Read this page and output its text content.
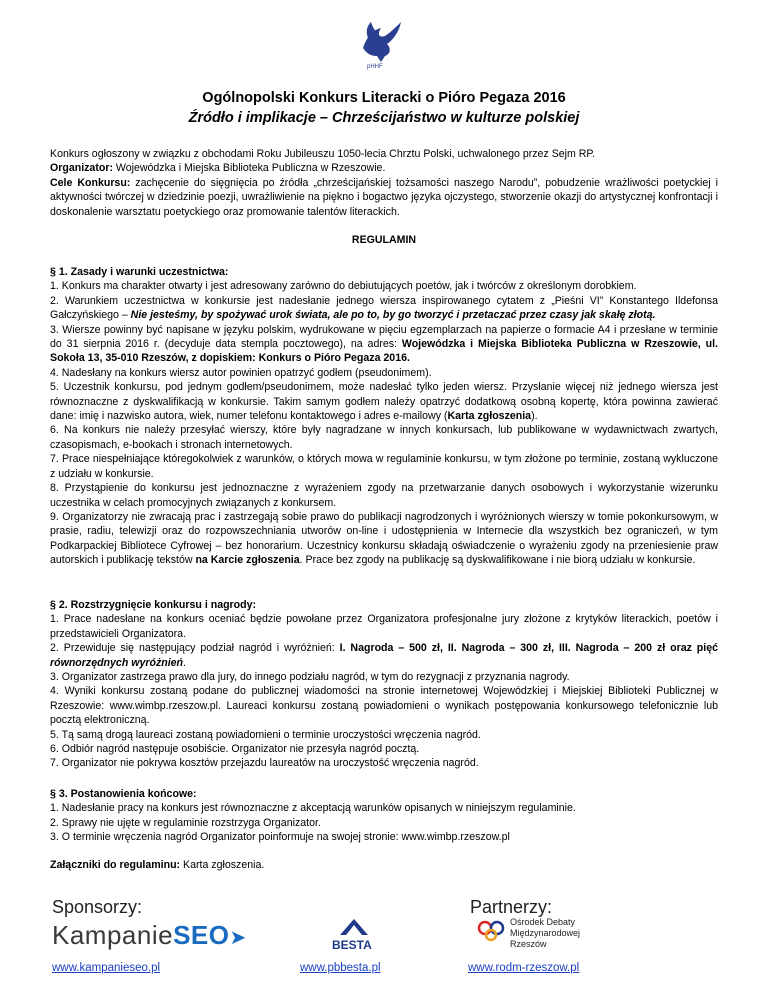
pHHF
Ogólnopolski Konkurs Literacki o Pióro Pegaza 2016
Źródło i implikacje – Chrześcijaństwo w kulturze polskiej

Konkurs ogłoszony w związku z obchodami Roku Jubileuszu 1050-lecia Chrztu Polski, uchwalonego przez Sejm RP.

Organizator: Wojewódzka i Miejska Biblioteka Publiczna w Rzeszowie.

Cele Konkursu: zachęcenie do sięgnięcia po źródła „chrześcijańskiej tożsamości naszego Narodu”, pobudzenie wrażliwości poetyckiej i aktywności twórczej w dziedzinie poezji, uwrażliwienie na piękno i bogactwo języka ojczystego, stworzenie okazji do artystycznej konfrontacji i doskonalenie warsztatu poetyckiego oraz promowanie talentów literackich.

REGULAMIN

§ 1. Zasady i warunki uczestnictwa:

1. Konkurs ma charakter otwarty i jest adresowany zarówno do debiutujących poetów, jak i twórców z określonym dorobkiem.

2. Warunkiem uczestnictwa w konkursie jest nadesłanie jednego wiersza inspirowanego cytatem z „Pieśni VI” Konstantego Ildefonsa Gałczyńskiego – Nie jesteśmy, by spożywać urok świata, ale po to, by go tworzyć i przetaczać przez czasy jak skałę złotą.

3. Wiersze powinny być napisane w języku polskim, wydrukowane w pięciu egzemplarzach na papierze o formacie A4 i przesłane w terminie do 31 sierpnia 2016 r. (decyduje data stempla pocztowego), na adres: Wojewódzka i Miejska Biblioteka Publiczna w Rzeszowie, ul. Sokoła 13, 35-010 Rzeszów, z dopiskiem: Konkurs o Pióro Pegaza 2016.

4. Nadesłany na konkurs wiersz autor powinien opatrzyć godłem (pseudonimem).

5. Uczestnik konkursu, pod jednym godłem/pseudonimem, może nadesłać tylko jeden wiersz. Przysłanie więcej niż jednego wiersza jest równoznaczne z dyskwalifikacją w konkursie. Takim samym godłem należy opatrzyć dodatkową osobną kopertę, która powinna zawierać dane: imię i nazwisko autora, wiek, numer telefonu kontaktowego i adres e-mailowy (Karta zgłoszenia).

6. Na konkurs nie należy przesyłać wierszy, które były nagradzane w innych konkursach, lub publikowane w wydawnictwach zwartych, czasopismach, e-bookach i stronach internetowych.

7. Prace niespełniające któregokolwiek z warunków, o których mowa w regulaminie konkursu, w tym złożone po terminie, zostaną wykluczone z udziału w konkursie.

8. Przystąpienie do konkursu jest jednoznaczne z wyrażeniem zgody na przetwarzanie danych osobowych i wykorzystanie wizerunku uczestnika w celach promocyjnych związanych z konkursem.

9. Organizatorzy nie zwracają prac i zastrzegają sobie prawo do publikacji nagrodzonych i wyróżnionych wierszy w tomie pokonkursowym, w prasie, radiu, telewizji oraz do rozpowszechniania utworów on-line i udostępnienia w Internecie dla wszystkich bez ograniczeń, w tym Podkarpackiej Bibliotece Cyfrowej – bez honorarium. Uczestnicy konkursu składają oświadczenie o wyrażeniu zgody na przeniesienie praw autorskich i publikację tekstów na Karcie zgłoszenia. Prace bez zgody na publikację są dyskwalifikowane i nie biorą udziału w konkursie.

§ 2. Rozstrzygnięcie konkursu i nagrody:

1. Prace nadesłane na konkurs oceniać będzie powołane przez Organizatora profesjonalne jury złożone z krytyków literackich, poetów i przedstawicieli Organizatora.

2. Przewiduje się następujący podział nagród i wyróżnień: I. Nagroda – 500 zł, II. Nagroda – 300 zł, III. Nagroda – 200 zł oraz pięć równorzędnych wyróżnień.

3. Organizator zastrzega prawo dla jury, do innego podziału nagród, w tym do rezygnacji z przyznania nagrody.

4. Wyniki konkursu zostaną podane do publicznej wiadomości na stronie internetowej Wojewódzkiej i Miejskiej Biblioteki Publicznej w Rzeszowie: www.wimbp.rzeszow.pl. Laureaci konkursu zostaną powiadomieni o wynikach postępowania konkursowego telefonicznie lub pocztą elektroniczną.

5. Tą samą drogą laureaci zostaną powiadomieni o terminie uroczystości wręczenia nagród.

6. Odbiór nagród następuje osobiście. Organizator nie przesyła nagród pocztą.

7. Organizator nie pokrywa kosztów przejazdu laureatów na uroczystość wręczenia nagród.

§ 3. Postanowienia końcowe:

1. Nadesłanie pracy na konkurs jest równoznaczne z akceptacją warunków opisanych w niniejszym regulaminie.

2. Sprawy nie ujęte w regulaminie rozstrzyga Organizator.

3. O terminie wręczenia nagród Organizator poinformuje na swojej stronie: www.wimbp.rzeszow.pl

Załączniki do regulaminu: Karta zgłoszenia.

Sponsorzy:	Partnerzy:
KampanieSEO➤	BESTA
Ośrodek Debaty
Międzynarodowej
Rzeszów
www.kampanieseo.pl	www.pbbesta.pl	www.rodm-rzeszow.pl
